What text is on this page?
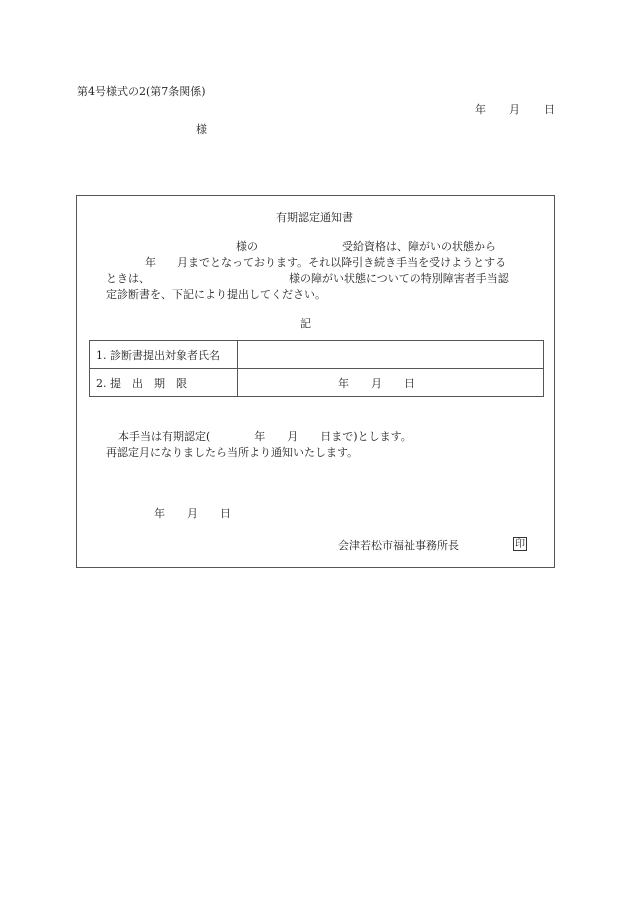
第4号様式の2(第7条関係)
年 月 日
様
有期認定通知書
様の	受給資格は、障がいの状態から
年 月までとなっております。それ以降引き続き手当を受けようとする
ときは、	様の障がい状態についての特別障害者手当認
定診断書を、下記により提出してください。
記
1. 診断書提出対象者氏名	
2. 提　出　期　限	年　　月　　日
本手当は有期認定(　　　　年　　月　　日まで)とします。
再認定月になりましたら当所より通知いたします。
年　　月　　日
会津若松市福祉事務所長	印
